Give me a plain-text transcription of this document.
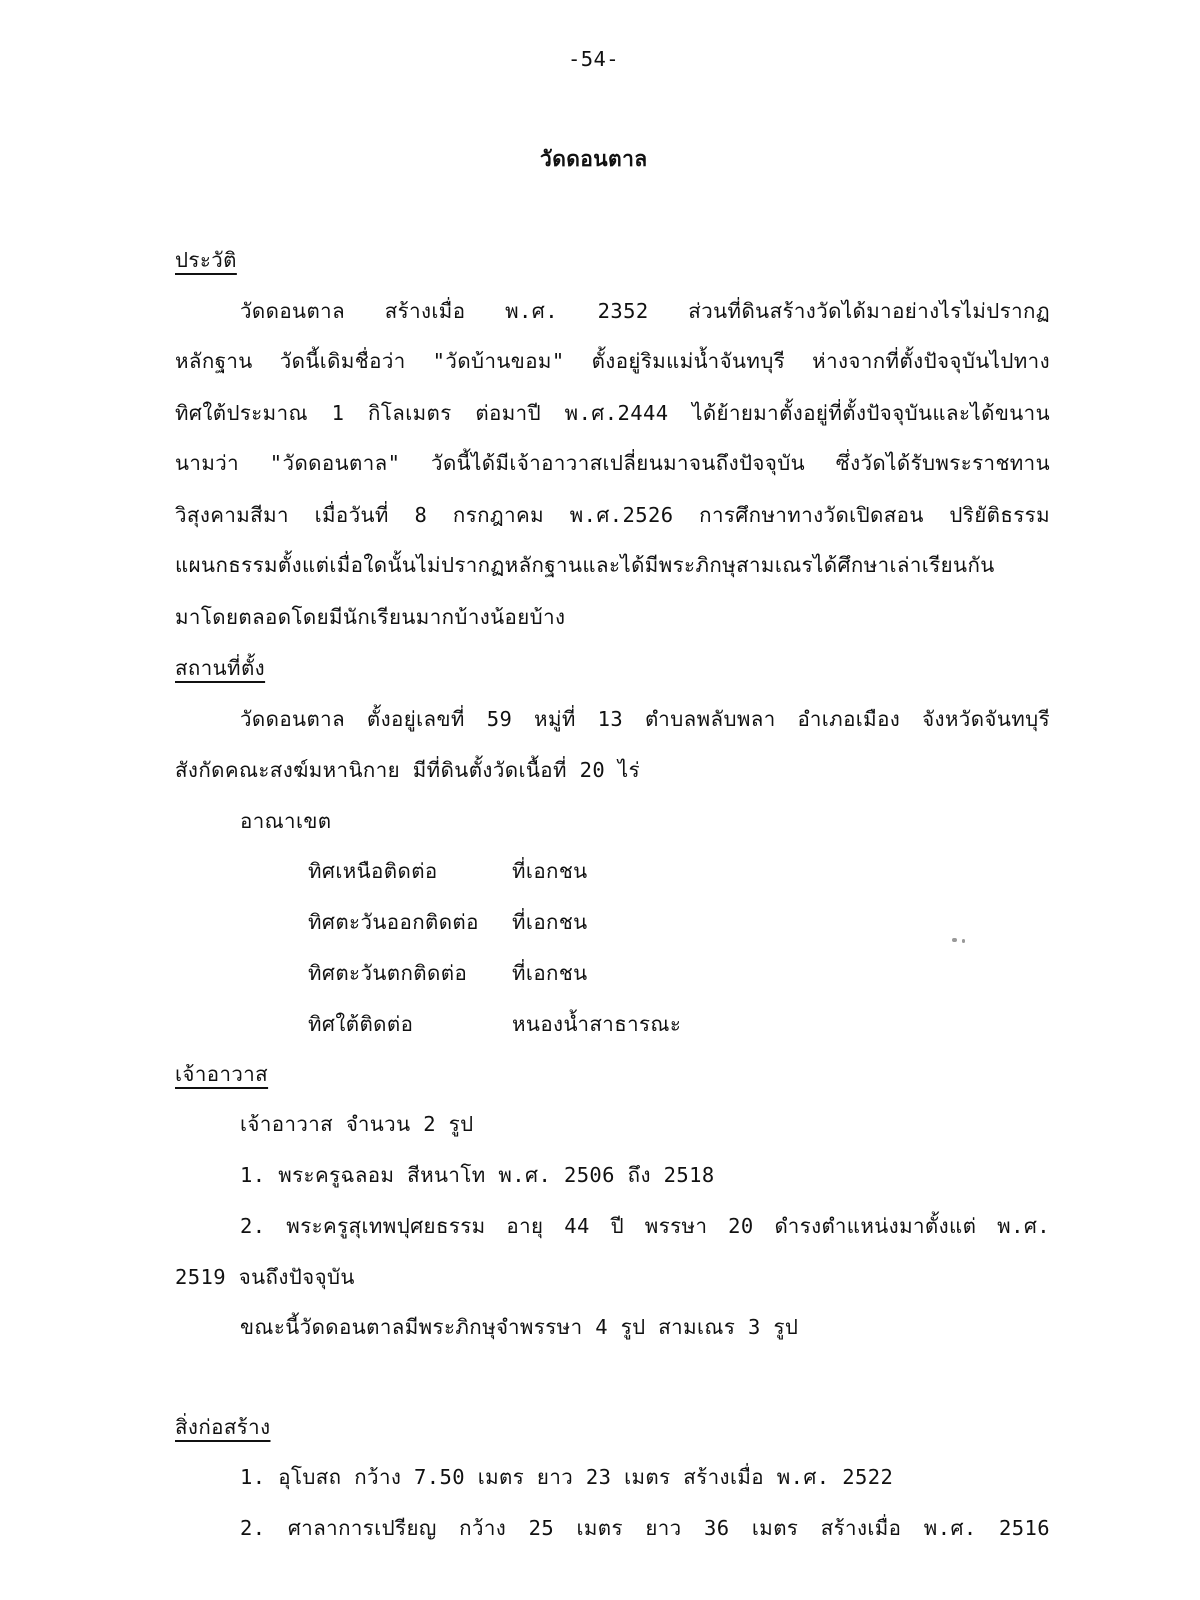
-54-
วัดดอนตาล
ประวัติ
วัดดอนตาล สร้างเมื่อ พ.ศ. 2352 ส่วนที่ดินสร้างวัดได้มาอย่างไรไม่ปรากฏ
หลักฐาน วัดนี้เดิมชื่อว่า "วัดบ้านขอม" ตั้งอยู่ริมแม่น้ำจันทบุรี ห่างจากที่ตั้งปัจจุบันไปทาง
ทิศใต้ประมาณ 1 กิโลเมตร ต่อมาปี พ.ศ.2444 ได้ย้ายมาตั้งอยู่ที่ตั้งปัจจุบันและได้ขนาน
นามว่า "วัดดอนตาล" วัดนี้ได้มีเจ้าอาวาสเปลี่ยนมาจนถึงปัจจุบัน ซึ่งวัดได้รับพระราชทาน
วิสุงคามสีมา เมื่อวันที่ 8 กรกฎาคม พ.ศ.2526 การศึกษาทางวัดเปิดสอน ปริยัติธรรม
แผนกธรรมตั้งแต่เมื่อใดนั้นไม่ปรากฏหลักฐานและได้มีพระภิกษุสามเณรได้ศึกษาเล่าเรียนกัน
มาโดยตลอดโดยมีนักเรียนมากบ้างน้อยบ้าง
สถานที่ตั้ง
วัดดอนตาล ตั้งอยู่เลขที่ 59 หมู่ที่ 13 ตำบลพลับพลา อำเภอเมือง จังหวัดจันทบุรี
สังกัดคณะสงฆ์มหานิกาย มีที่ดินตั้งวัดเนื้อที่ 20 ไร่
อาณาเขต
ทิศเหนือติดต่อ	ที่เอกชน
ทิศตะวันออกติดต่อ ที่เอกชน
ทิศตะวันตกติดต่อ ที่เอกชน
ทิศใต้ติดต่อ	หนองน้ำสาธารณะ
เจ้าอาวาส
เจ้าอาวาส จำนวน 2 รูป
1. พระครูฉลอม สีหนาโท พ.ศ. 2506 ถึง 2518
2. พระครูสุเทพปุศยธรรม อายุ 44 ปี พรรษา 20 ดำรงตำแหน่งมาตั้งแต่ พ.ศ.
2519 จนถึงปัจจุบัน
ขณะนี้วัดดอนตาลมีพระภิกษุจำพรรษา 4 รูป สามเณร 3 รูป
สิ่งก่อสร้าง
1. อุโบสถ กว้าง 7.50 เมตร ยาว 23 เมตร สร้างเมื่อ พ.ศ. 2522
2. ศาลาการเปรียญ กว้าง 25 เมตร ยาว 36 เมตร สร้างเมื่อ พ.ศ. 2516
